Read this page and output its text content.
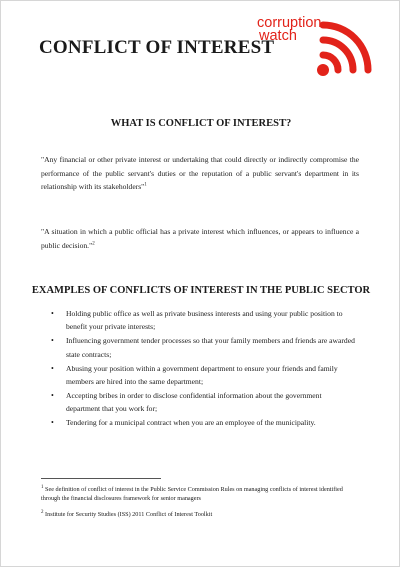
CONFLICT OF INTEREST
corruption
watch
WHAT IS CONFLICT OF INTEREST?

"Any financial or other private interest or undertaking that could directly or indirectly compromise the performance of the public servant's duties or the reputation of a public servant's department in its relationship with its stakeholders"$^1$

"A situation in which a public official has a private interest which influences, or appears to influence a public decision."$^2$

EXAMPLES OF CONFLICTS OF INTEREST IN THE PUBLIC SECTOR
• Holding public office as well as private business interests and using your public position to benefit your private interests;
• Influencing government tender processes so that your family members and friends are awarded state contracts;
• Abusing your position within a government department to ensure your friends and family members are hired into the same department;
• Accepting bribes in order to disclose confidential information about the government department that you work for;
• Tendering for a municipal contract when you are an employee of the municipality.

$^1$ See definition of conflict of interest in the Public Service Commission Rules on managing conflicts of interest identified through the financial disclosures framework for senior managers

$^2$ Institute for Security Studies (ISS) 2011 Conflict of Interest Toolkit
